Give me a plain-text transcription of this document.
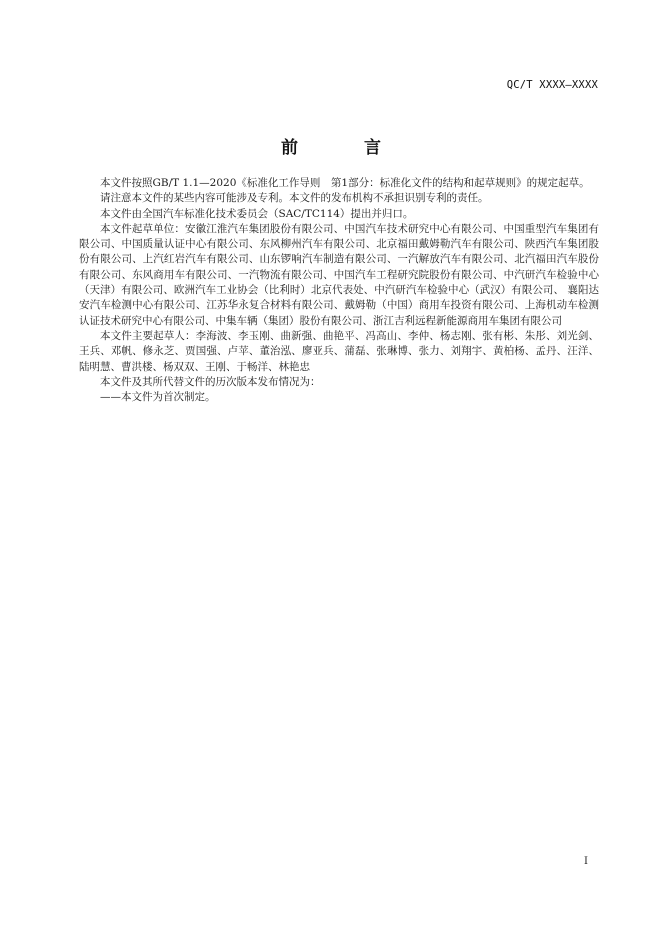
QC/T XXXX—XXXX
前 言

本文件按照GB/T 1.1—2020《标准化工作导则　第1部分：标准化文件的结构和起草规则》的规定起草。

请注意本文件的某些内容可能涉及专利。本文件的发布机构不承担识别专利的责任。

本文件由全国汽车标准化技术委员会（SAC/TC114）提出并归口。

本文件起草单位：安徽江淮汽车集团股份有限公司、中国汽车技术研究中心有限公司、中国重型汽车集团有限公司、中国质量认证中心有限公司、东风柳州汽车有限公司、北京福田戴姆勒汽车有限公司、陕西汽车集团股份有限公司、上汽红岩汽车有限公司、山东锣响汽车制造有限公司、一汽解放汽车有限公司、北汽福田汽车股份有限公司、东风商用车有限公司、一汽物流有限公司、中国汽车工程研究院股份有限公司、中汽研汽车检验中心（天津）有限公司、欧洲汽车工业协会（比利时）北京代表处、中汽研汽车检验中心（武汉）有限公司、 襄阳达安汽车检测中心有限公司、江苏华永复合材料有限公司、戴姆勒（中国）商用车投资有限公司、上海机动车检测认证技术研究中心有限公司、中集车辆（集团）股份有限公司、浙江吉利远程新能源商用车集团有限公司

本文件主要起草人：李海波、李玉刚、曲新强、曲艳平、冯高山、李仲、杨志刚、张有彬、朱彤、刘光剑、王兵、邓帆、修永芝、贾国强、卢苹、董治泓、廖亚兵、蒲磊、张琳博、张力、刘翔宇、黄柏杨、孟丹、汪洋、陆明慧、曹洪楼、杨双双、王刚、于畅洋、林艳忠

本文件及其所代替文件的历次版本发布情况为：

——本文件为首次制定。

I
